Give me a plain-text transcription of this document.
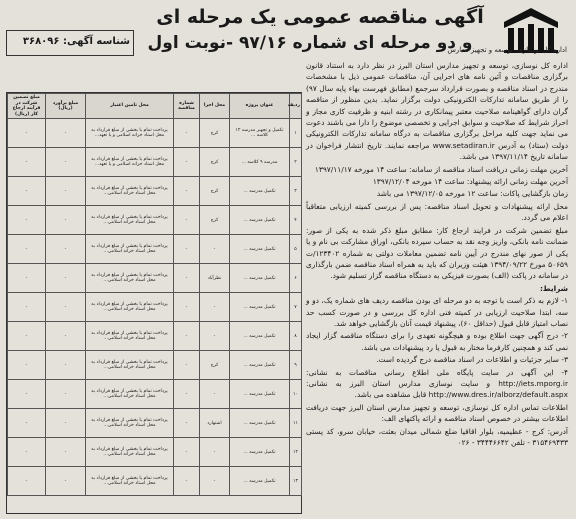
اداره کل نوسازی، توسعه و تجهیز مدارس
آگهی مناقصه عمومی یک مرحله ای
و دو مرحله ای شماره ۹۷/۱۶ -نوبت اول
شناسه آگهی: ۳۶۸۰۹۶

اداره کل نوسازی، توسعه و تجهیز مدارس استان البرز در نظر دارد به استناد قانون برگزاری مناقصات و آئین نامه های اجرایی آن، مناقصات عمومی ذیل با مشخصات مندرج در اسناد مناقصه و بصورت قرارداد سرجمع (مطابق فهرست بهاء پایه سال ۹۷) را از طریق سامانه تدارکات الکترونیکی دولت برگزار نماید. بدین منظور از مناقصه گران دارای گواهینامه صلاحیت معتبر پیمانکاری در رشته ابنیه و ظرفیت کاری مجاز و احراز شرایط که صلاحیت و سوابق اجرایی و تخصصی موضوع را دارا می باشند دعوت می نماید جهت کلیه مراحل برگزاری مناقصات به درگاه سامانه تدارکات الکترونیکی دولت (ستاد) به آدرس www.setadiran.ir مراجعه نمایند. تاریخ انتشار فراخوان در سامانه تاریخ ۱۳۹۷/۱۱/۱۴ می باشد.

آخرین مهلت زمانی دریافت اسناد مناقصه از سامانه: ساعت ۱۴ مورخه ۱۳۹۷/۱۱/۱۷

آخرین مهلت زمانی ارائه پیشنهاد: ساعت ۱۴ مورخه ۱۳۹۷/۱۲/۰۴

زمان بازگشایی پاکات: ساعت ۱۲ مورخه ۱۳۹۷/۱۲/۰۵ می باشد

محل ارائه پیشنهادات و تحویل اسناد مناقصه: پس از بررسی کمیته ارزیابی متعاقباً اعلام می گردد.

مبلغ تضمین شرکت در فرایند ارجاع کار: مطابق مبلغ ذکر شده به یکی از صور: ضمانت نامه بانکی، واریز وجه نقد به حساب سپرده بانکی، اوراق مشارکت بی نام و یا یکی از صور نهای مندرج در آیین نامه تضمین معاملات دولتی به شماره ۱۲۳۴۰۲/ت ۵۰۶۵۹ مورخ ۱۳۹۴/۰۹/۲۲ هیئت وزیران که باید به همراه اسناد مناقصه ضمن بارگذاری در سامانه در پاکت (الف) بصورت فیزیکی به دستگاه مناقصه گزار تسلیم شود.

شرایط:

۱- لازم به ذکر است با توجه به دو مرحله ای بودن مناقصه ردیف های شماره یک، دو و سه، ابتدا صلاحیت ارزیابی در کمیته فنی اداره کل بررسی و در صورت کسب حد نصاب امتیاز قابل قبول (حداقل ۶۰)، پیشنهاد قیمت آنان بازگشایی خواهد شد.

۲- درج آگهی جهت اطلاع بوده و هیچگونه تعهدی را برای دستگاه مناقصه گزار ایجاد نمی کند و همچنین کارفرما مختار به قبول یا رد پیشنهادات می باشد.

۳- سایر جزئیات و اطلاعات در اسناد مناقصه درج گردیده است.

۴- این آگهی در سایت پایگاه ملی اطلاع رسانی مناقصات به نشانی: http://iets.mporg.ir و سایت نوسازی مدارس استان البرز به نشانی: http://www.dres.ir/alborz/default.aspx قابل مشاهده می باشد.

اطلاعات تماس اداره کل نوسازی، توسعه و تجهیز مدارس استان البرز جهت دریافت اطلاعات بیشتر در خصوص اسناد مناقصه و ارائه پاکتهای الف:

آدرس: کرج - عظیمیه، بلوار اقاقیا ضلع شمالی میدان بعثت، خیابان سرو، کد پستی ۳۱۵۴۶۹۴۳۳ - تلفن ۳۴۴۴۶۶۴۲ - ۰۲۶

ردیف	عنوان پروژه	محل اجرا	شماره مناقصه	محل تامین اعتبار	مبلغ برآورد (ریال)	مبلغ تضمین شرکت در فرآیند ارجاع کار (ریال)
۱	تکمیل و تجهیز مدرسه ۱۲ کلاسه ...	کرج	-	پرداخت تمام یا بخشی از مبلغ قرارداد به محل اسناد خزانه اسلامی و یا تعهد...	-	-
۲	مدرسه ۹ کلاسه ...	کرج	-	پرداخت تمام یا بخشی از مبلغ قرارداد به محل اسناد خزانه اسلامی و یا تعهد...	-	-
۳	تکمیل مدرسه ...	کرج	-	پرداخت تمام یا بخشی از مبلغ قرارداد به محل اسناد خزانه اسلامی...	-	-
۴	تکمیل مدرسه ...	کرج	-	پرداخت تمام یا بخشی از مبلغ قرارداد به محل اسناد خزانه اسلامی...	-	-
۵	تکمیل مدرسه ...	-	-	پرداخت تمام یا بخشی از مبلغ قرارداد به محل اسناد خزانه اسلامی...	-	-
۶	تکمیل مدرسه ...	نظرآباد	-	پرداخت تمام یا بخشی از مبلغ قرارداد به محل اسناد خزانه اسلامی...	-	-
۷	تکمیل مدرسه ...	-	-	پرداخت تمام یا بخشی از مبلغ قرارداد به محل اسناد خزانه اسلامی...	-	-
۸	تکمیل مدرسه ...	-	-	پرداخت تمام یا بخشی از مبلغ قرارداد به محل اسناد خزانه اسلامی...	-	-
۹	تکمیل مدرسه ...	کرج	-	پرداخت تمام یا بخشی از مبلغ قرارداد به محل اسناد خزانه اسلامی...	-	-
۱۰	تکمیل مدرسه ...	-	-	پرداخت تمام یا بخشی از مبلغ قرارداد به محل اسناد خزانه اسلامی...	-	-
۱۱	تکمیل مدرسه ...	اشتهارد	-	پرداخت تمام یا بخشی از مبلغ قرارداد به محل اسناد خزانه اسلامی...	-	-
۱۲	تکمیل مدرسه ...	-	-	پرداخت تمام یا بخشی از مبلغ قرارداد به محل اسناد خزانه اسلامی...	-	-
۱۳	تکمیل مدرسه ...	-	-	پرداخت تمام یا بخشی از مبلغ قرارداد به محل اسناد خزانه اسلامی...	-	-
